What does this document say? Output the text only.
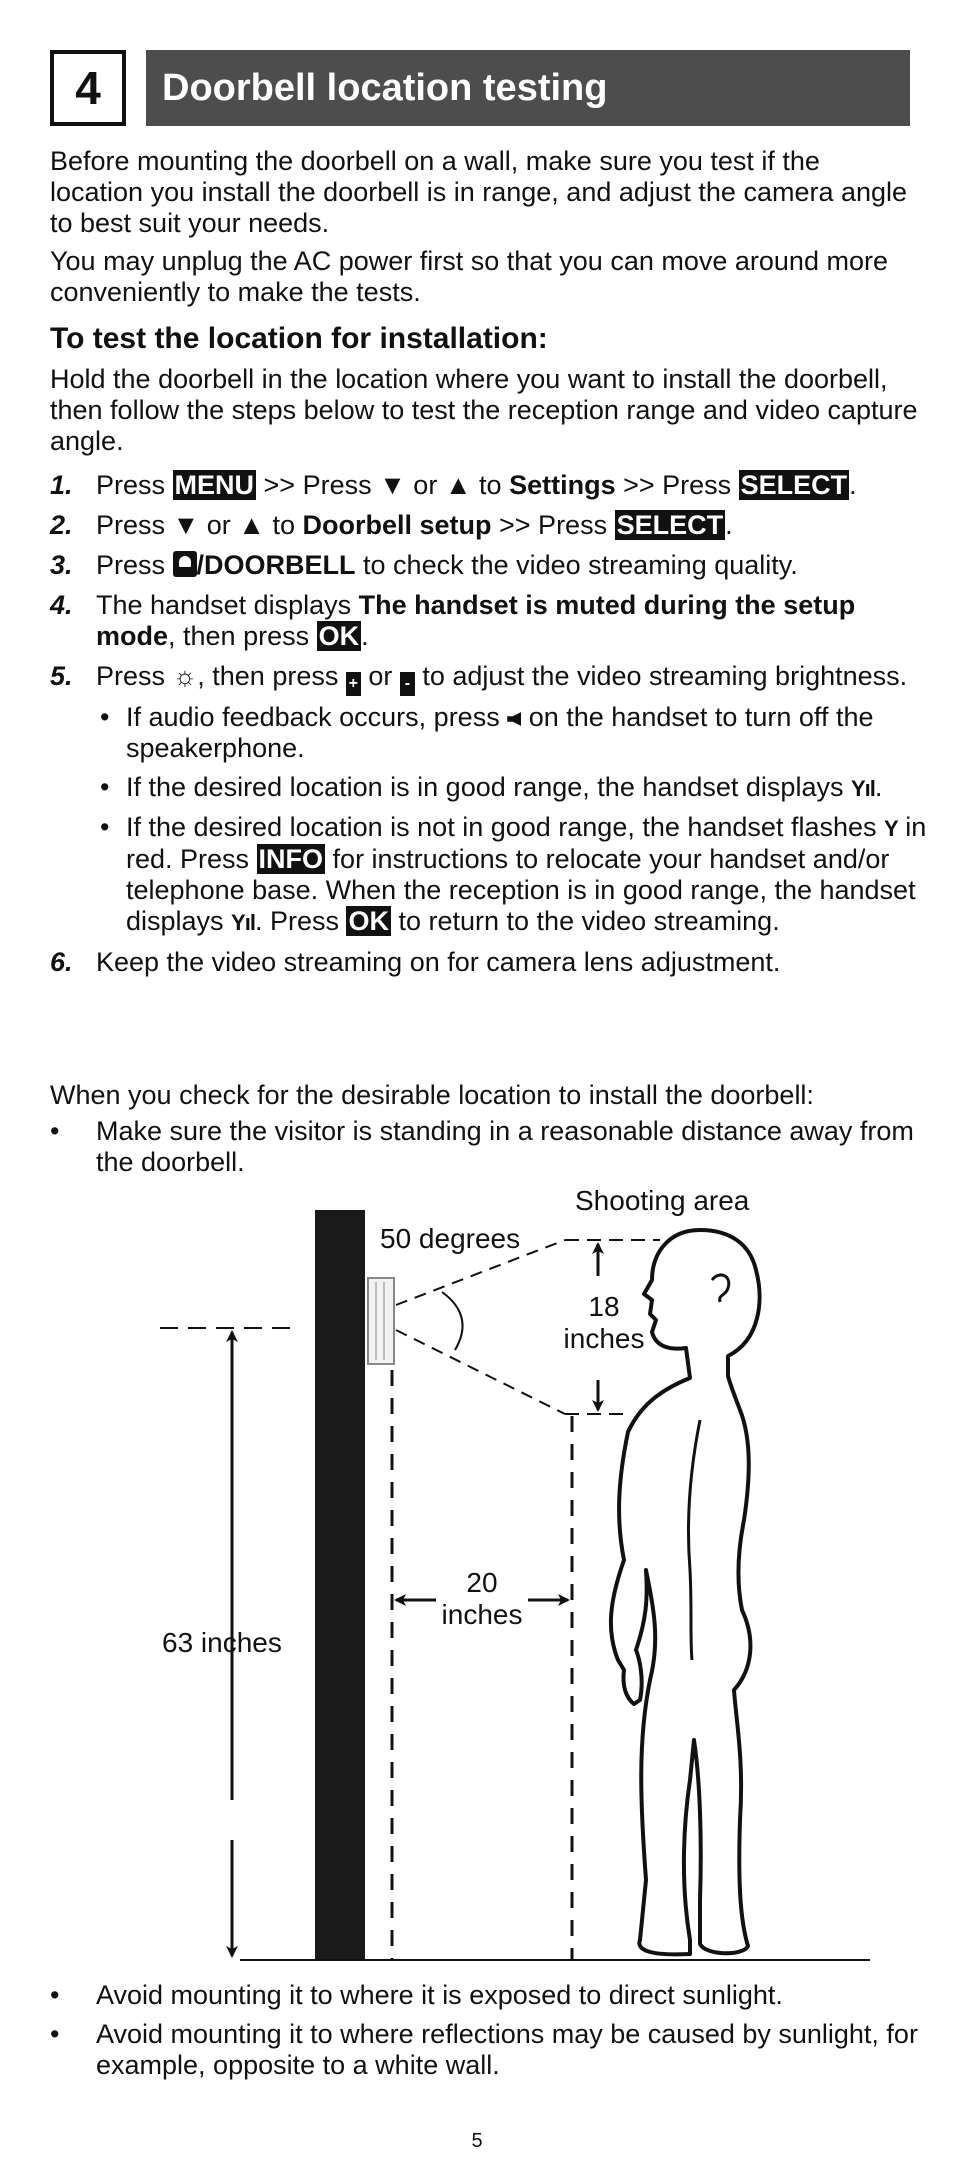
4	Doorbell location testing
Before mounting the doorbell on a wall, make sure you test if the location you install the doorbell is in range, and adjust the camera angle to best suit your needs.
You may unplug the AC power first so that you can move around more conveniently to make the tests.
To test the location for installation:
Hold the doorbell in the location where you want to install the doorbell, then follow the steps below to test the reception range and video capture angle.
1. Press MENU >> Press ▼ or ▲ to Settings >> Press SELECT.
2. Press ▼ or ▲ to Doorbell setup >> Press SELECT.
3. Press /DOORBELL to check the video streaming quality.
4. The handset displays The handset is muted during the setup mode, then press OK.
5. Press ☼, then press + or - to adjust the video streaming brightness.
• If audio feedback occurs, press  on the handset to turn off the speakerphone.
• If the desired location is in good range, the handset displays Yıl.
• If the desired location is not in good range, the handset flashes Y in red. Press INFO for instructions to relocate your handset and/or telephone base. When the reception is in good range, the handset displays Yıl. Press OK to return to the video streaming.
6. Keep the video streaming on for camera lens adjustment.
When you check for the desirable location to install the doorbell:
• Make sure the visitor is standing in a reasonable distance away from the doorbell.
Shooting area
50 degrees
18
inches
20
inches
63 inches
• Avoid mounting it to where it is exposed to direct sunlight.
• Avoid mounting it to where reflections may be caused by sunlight, for example, opposite to a white wall.
5
